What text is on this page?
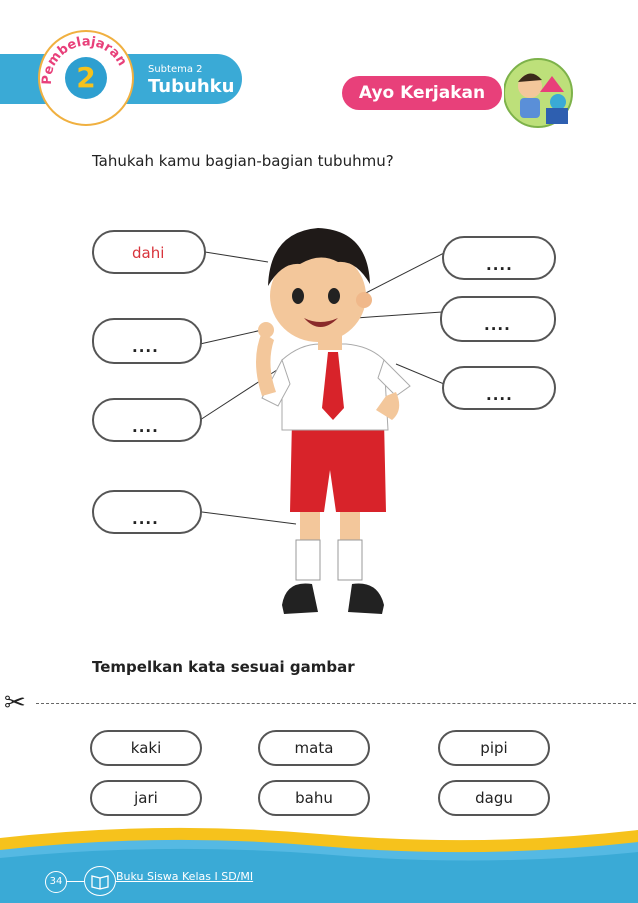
Pembelajaran
2	Subtema 2
Tubuhku	Ayo Kerjakan
Tahukah kamu bagian-bagian tubuhmu?
dahi
....
....
....
....
....
....
Tempelkan kata sesuai gambar
✂
kaki	mata	pipi
jari	bahu	dagu
34	Buku Siswa Kelas I SD/MI
